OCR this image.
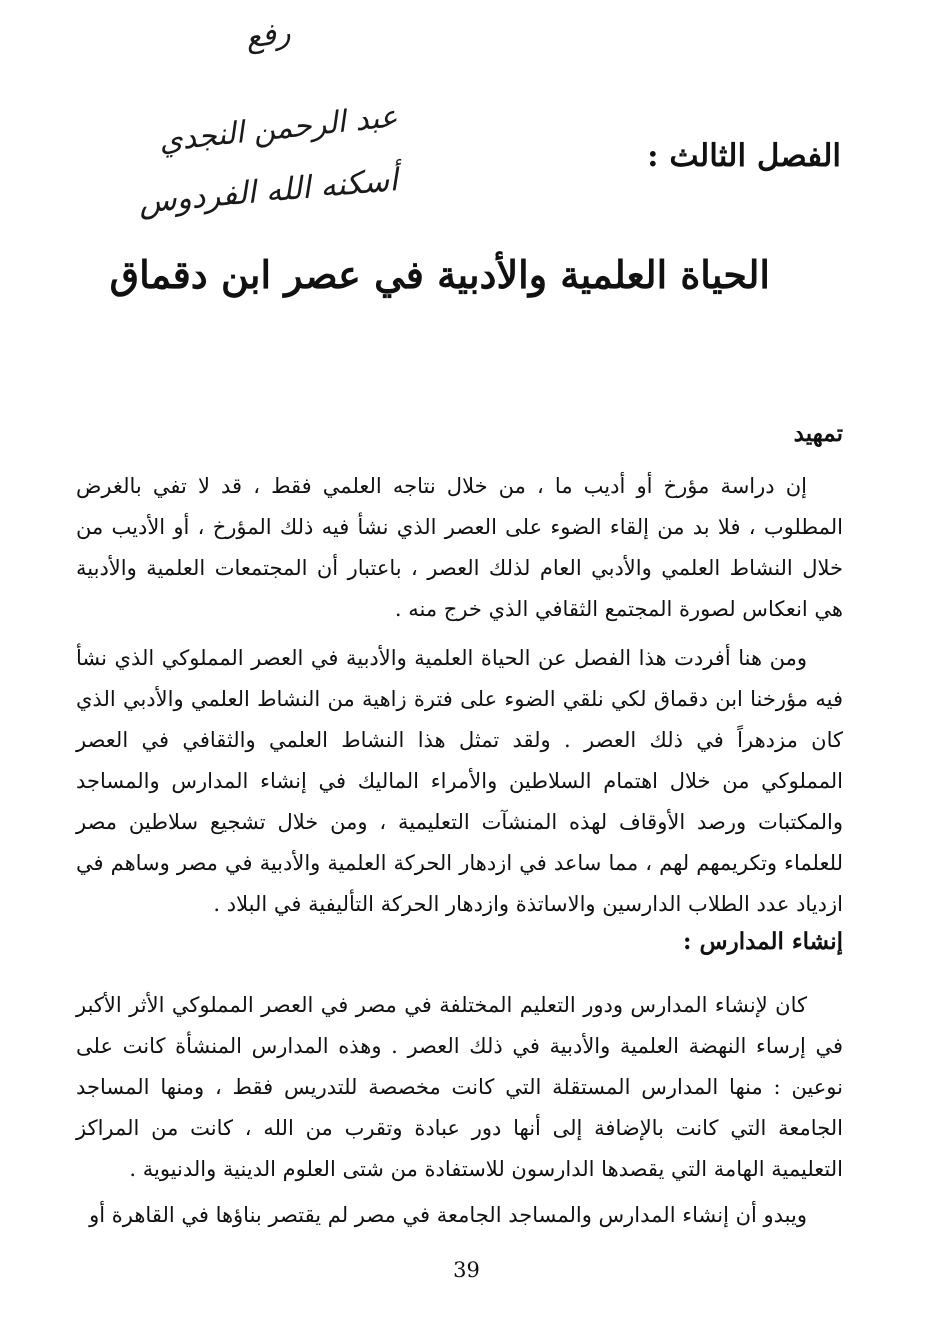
رفع
عبد الرحمن النجدي
أسكنه الله الفردوس
الفصل الثالث :
الحياة العلمية والأدبية في عصر ابن دقماق
تمهيد

إن دراسة مؤرخ أو أديب ما ، من خلال نتاجه العلمي فقط ، قد لا تفي بالغرض المطلوب ، فلا بد من إلقاء الضوء على العصر الذي نشأ فيه ذلك المؤرخ ، أو الأديب من خلال النشاط العلمي والأدبي العام لذلك العصر ، باعتبار أن المجتمعات العلمية والأدبية هي انعكاس لصورة المجتمع الثقافي الذي خرج منه .

ومن هنا أفردت هذا الفصل عن الحياة العلمية والأدبية في العصر المملوكي الذي نشأ فيه مؤرخنا ابن دقماق لكي نلقي الضوء على فترة زاهية من النشاط العلمي والأدبي الذي كان مزدهراً في ذلك العصر . ولقد تمثل هذا النشاط العلمي والثقافي في العصر المملوكي من خلال اهتمام السلاطين والأمراء الماليك في إنشاء المدارس والمساجد والمكتبات ورصد الأوقاف لهذه المنشآت التعليمية ، ومن خلال تشجيع سلاطين مصر للعلماء وتكريمهم لهم ، مما ساعد في ازدهار الحركة العلمية والأدبية في مصر وساهم في ازدياد عدد الطلاب الدارسين والاساتذة وازدهار الحركة التأليفية في البلاد .

إنشاء المدارس :

كان لإنشاء المدارس ودور التعليم المختلفة في مصر في العصر المملوكي الأثر الأكبر في إرساء النهضة العلمية والأدبية في ذلك العصر . وهذه المدارس المنشأة كانت على نوعين : منها المدارس المستقلة التي كانت مخصصة للتدريس فقط ، ومنها المساجد الجامعة التي كانت بالإضافة إلى أنها دور عبادة وتقرب من الله ، كانت من المراكز التعليمية الهامة التي يقصدها الدارسون للاستفادة من شتى العلوم الدينية والدنيوية .

ويبدو أن إنشاء المدارس والمساجد الجامعة في مصر لم يقتصر بناؤها في القاهرة أو

39
